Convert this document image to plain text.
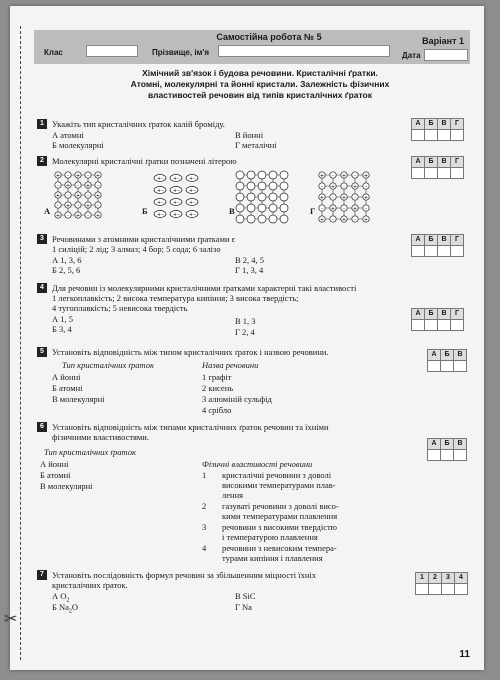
✂
Самостійна робота № 5	Варіант 1
Клас	Прізвище, ім'я	Дата
Хімічний зв'язок і будова речовини. Кристалічні ґратки.
Атомні, молекулярні та йонні кристали. Залежність фізичних
властивостей речовин від типів кристалічних ґраток
1 Укажіть тип кристалічних ґраток калій броміду.
А атомні
Б молекулярні
В йонні
Г металічні
А	Б	В	Г
2 Молекулярні кристалічні ґратки позначені літерою	А	Б	В	Г
А	Б	В	Г
+ - + - +
- + - + -
+ - + - +
- + - + -
+ - + - +
+ - + - + -
+ - + - + -
+ - + - + -
+ - + - + -
+ - + - +
- + - + -
+ - + - +
- + - + -
+ - + - +
3 Речовинами з атомними кристалічними ґратками є
1 силіцій; 2 лід; 3 алмаз; 4 бор; 5 сода; 6 залізо
А 1, 3, 6
Б 2, 5, 6
В 2, 4, 5
Г 1, 3, 4
А	Б	В	Г
4 Для речовин із молекулярними кристалічними ґратками характерні такі властивості
1 легкоплавкість; 2 висока температура кипіння; 3 висока твердість;
4 тугоплавкість; 5 невисока твердість
А 1, 5
Б 3, 4
В 1, 3
Г 2, 4
А	Б	В	Г
5 Установіть відповідність між типом кристалічних ґраток і назвою речовини.
Тип кристалічних ґраток	Назва речовини
А йонні
Б атомні
В молекулярні
1 графіт
2 кисень
3 алюміній сульфід
4 срібло
А	Б	В
6 Установіть відповідність між типами кристалічних ґраток речовин та їхніми
фізичними властивостями.
Тип кристалічних ґраток
Фізичні властивості речовини
А йонні
Б атомні
В молекулярні
1 кристалічні речовини з доволі
високими температурами плав-
лення
2 газуваті речовини з доволі висо-
кими температурами плавлення
3 речовини з високими твердістю
і температурою плавлення
4 речовини з невисоким темпера-
турами кипіння і плавлення
А	Б	В
7 Установіть послідовність формул речовин за збільшенням міцності їхніх
кристалічних ґраток.
А $O_2$
Б $Na_2O$
В SiC
Г Na
1	2	3	4
11
